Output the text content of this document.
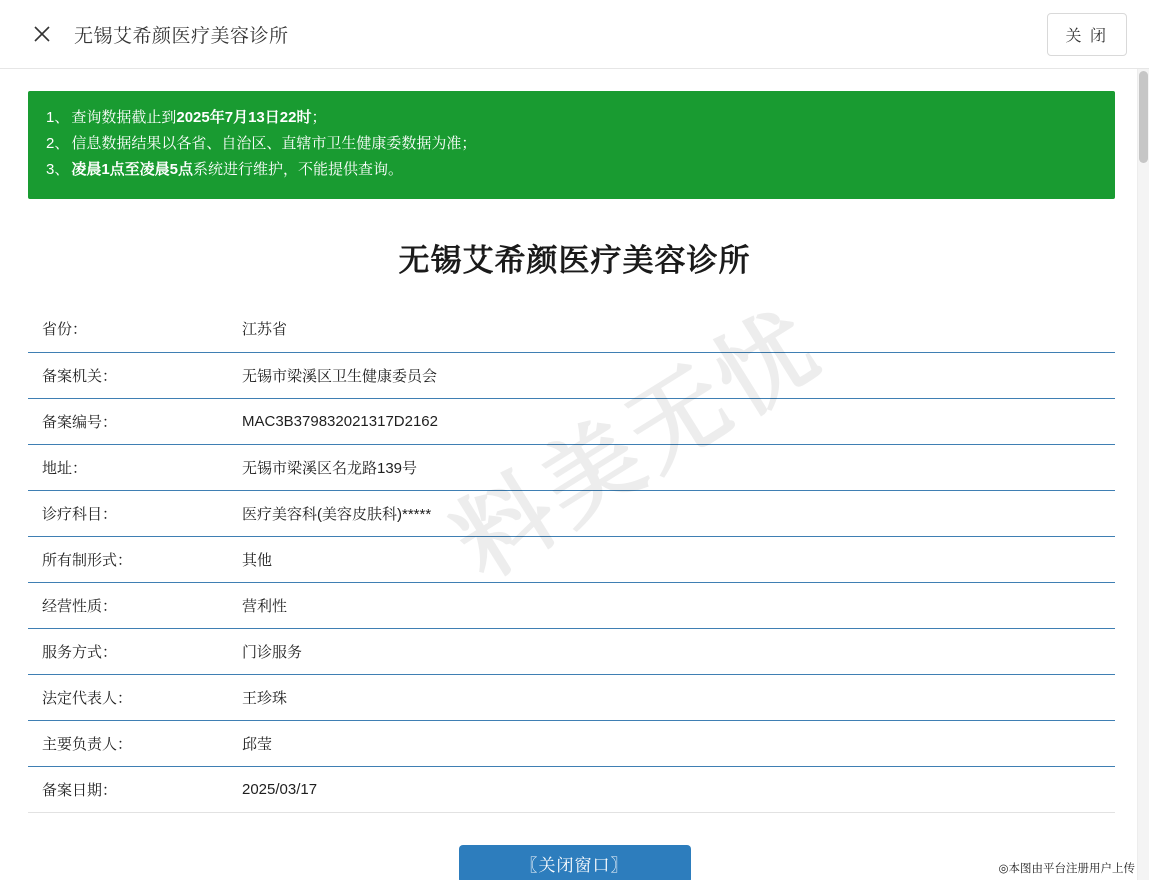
无锡艾希颜医疗美容诊所	关 闭
1、 查询数据截止到2025年7月13日22时；
2、 信息数据结果以各省、自治区、直辖市卫生健康委数据为准；
3、 凌晨1点至凌晨5点系统进行维护，不能提供查询。
无锡艾希颜医疗美容诊所
料美无忧
省份：	江苏省
备案机关：	无锡市梁溪区卫生健康委员会
备案编号：	MAC3B379832021317D2162
地址：	无锡市梁溪区名龙路139号
诊疗科目：	医疗美容科(美容皮肤科)*****
所有制形式：	其他
经营性质：	营利性
服务方式：	门诊服务
法定代表人：	王珍珠
主要负责人：	邱莹
备案日期：	2025/03/17
〖关闭窗口〗	◎本图由平台注册用户上传
